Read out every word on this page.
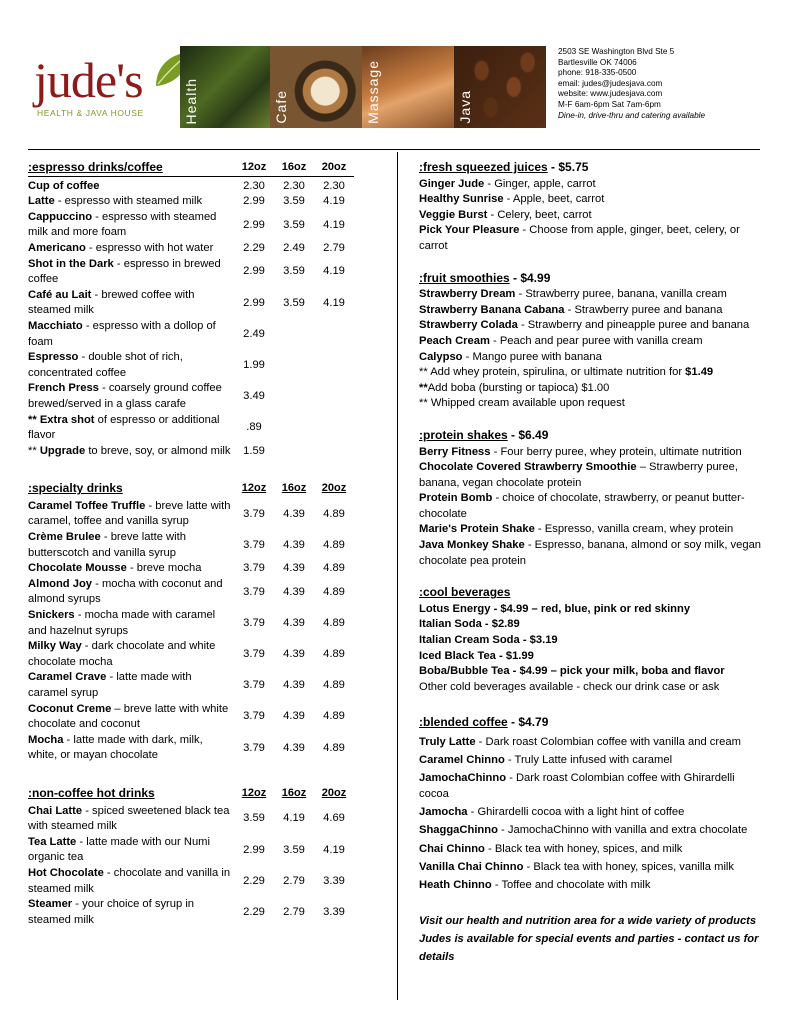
jude's
HEALTH & JAVA HOUSE	Health	Cafe	Massage	Java
2503 SE Washington Blvd Ste 5
Bartlesville OK 74006
phone: 918-335-0500
email: judes@judesjava.com
website: www.judesjava.com
M-F 6am-6pm Sat 7am-6pm
Dine-in, drive-thru and catering available
:espresso drinks/coffee	12oz	16oz	20oz
Cup of coffee	2.30	2.30	2.30
Latte - espresso with steamed milk	2.99	3.59	4.19
Cappuccino - espresso with steamed milk and more foam
2.99	3.59	4.19
Americano - espresso with hot water	2.29	2.49	2.79
Shot in the Dark - espresso in brewed coffee
2.99	3.59	4.19
Café au Lait - brewed coffee with steamed milk
2.99	3.59	4.19
Macchiato - espresso with a dollop of foam
2.49
Espresso - double shot of rich, concentrated coffee
1.99
French Press - coarsely ground coffee brewed/served in a glass carafe
3.49
** Extra shot of espresso or additional flavor
.89
** Upgrade to breve, soy, or almond milk	1.59
:specialty drinks	12oz	16oz	20oz
Caramel Toffee Truffle - breve latte with caramel, toffee and vanilla syrup
3.79	4.39	4.89
Crème Brulee - breve latte with butterscotch and vanilla syrup
3.79	4.39	4.89
Chocolate Mousse - breve mocha	3.79	4.39	4.89
Almond Joy - mocha with coconut and almond syrups
3.79	4.39	4.89
Snickers - mocha made with caramel and hazelnut syrups
3.79	4.39	4.89
Milky Way - dark chocolate and white chocolate mocha
3.79	4.39	4.89
Caramel Crave - latte made with caramel syrup
3.79	4.39	4.89
Coconut Creme – breve latte with white chocolate and coconut
3.79	4.39	4.89
Mocha - latte made with dark, milk, white, or mayan chocolate
3.79	4.39	4.89
:non-coffee hot drinks	12oz	16oz	20oz
Chai Latte - spiced sweetened black tea with steamed milk
3.59	4.19	4.69
Tea Latte - latte made with our Numi organic tea
2.99	3.59	4.19
Hot Chocolate - chocolate and vanilla in steamed milk
2.29	2.79	3.39
Steamer - your choice of syrup in steamed milk
2.29	2.79	3.39
:fresh squeezed juices - $5.75
Ginger Jude - Ginger, apple, carrot
Healthy Sunrise - Apple, beet, carrot
Veggie Burst - Celery, beet, carrot
Pick Your Pleasure - Choose from apple, ginger, beet, celery, or carrot
:fruit smoothies - $4.99
Strawberry Dream - Strawberry puree, banana, vanilla cream
Strawberry Banana Cabana - Strawberry puree and banana
Strawberry Colada - Strawberry and pineapple puree and banana
Peach Cream - Peach and pear puree with vanilla cream
Calypso - Mango puree with banana
** Add whey protein, spirulina, or ultimate nutrition for $1.49
**Add boba (bursting or tapioca) $1.00
** Whipped cream available upon request
:protein shakes - $6.49
Berry Fitness - Four berry puree, whey protein, ultimate nutrition
Chocolate Covered Strawberry Smoothie – Strawberry puree, banana, vegan chocolate protein
Protein Bomb - choice of chocolate, strawberry, or peanut butter-chocolate
Marie's Protein Shake - Espresso, vanilla cream, whey protein
Java Monkey Shake - Espresso, banana, almond or soy milk, vegan chocolate pea protein
:cool beverages
Lotus Energy - $4.99 – red, blue, pink or red skinny
Italian Soda - $2.89
Italian Cream Soda - $3.19
Iced Black Tea - $1.99
Boba/Bubble Tea - $4.99 – pick your milk, boba and flavor
Other cold beverages available - check our drink case or ask
:blended coffee - $4.79
Truly Latte - Dark roast Colombian coffee with vanilla and cream
Caramel Chinno - Truly Latte infused with caramel
JamochaChinno - Dark roast Colombian coffee with Ghirardelli cocoa
Jamocha - Ghirardelli cocoa with a light hint of coffee
ShaggaChinno - JamochaChinno with vanilla and extra chocolate
Chai Chinno - Black tea with honey, spices, and milk
Vanilla Chai Chinno - Black tea with honey, spices, vanilla milk
Heath Chinno - Toffee and chocolate with milk
Visit our health and nutrition area for a wide variety of products
Judes is available for special events and parties - contact us for details
